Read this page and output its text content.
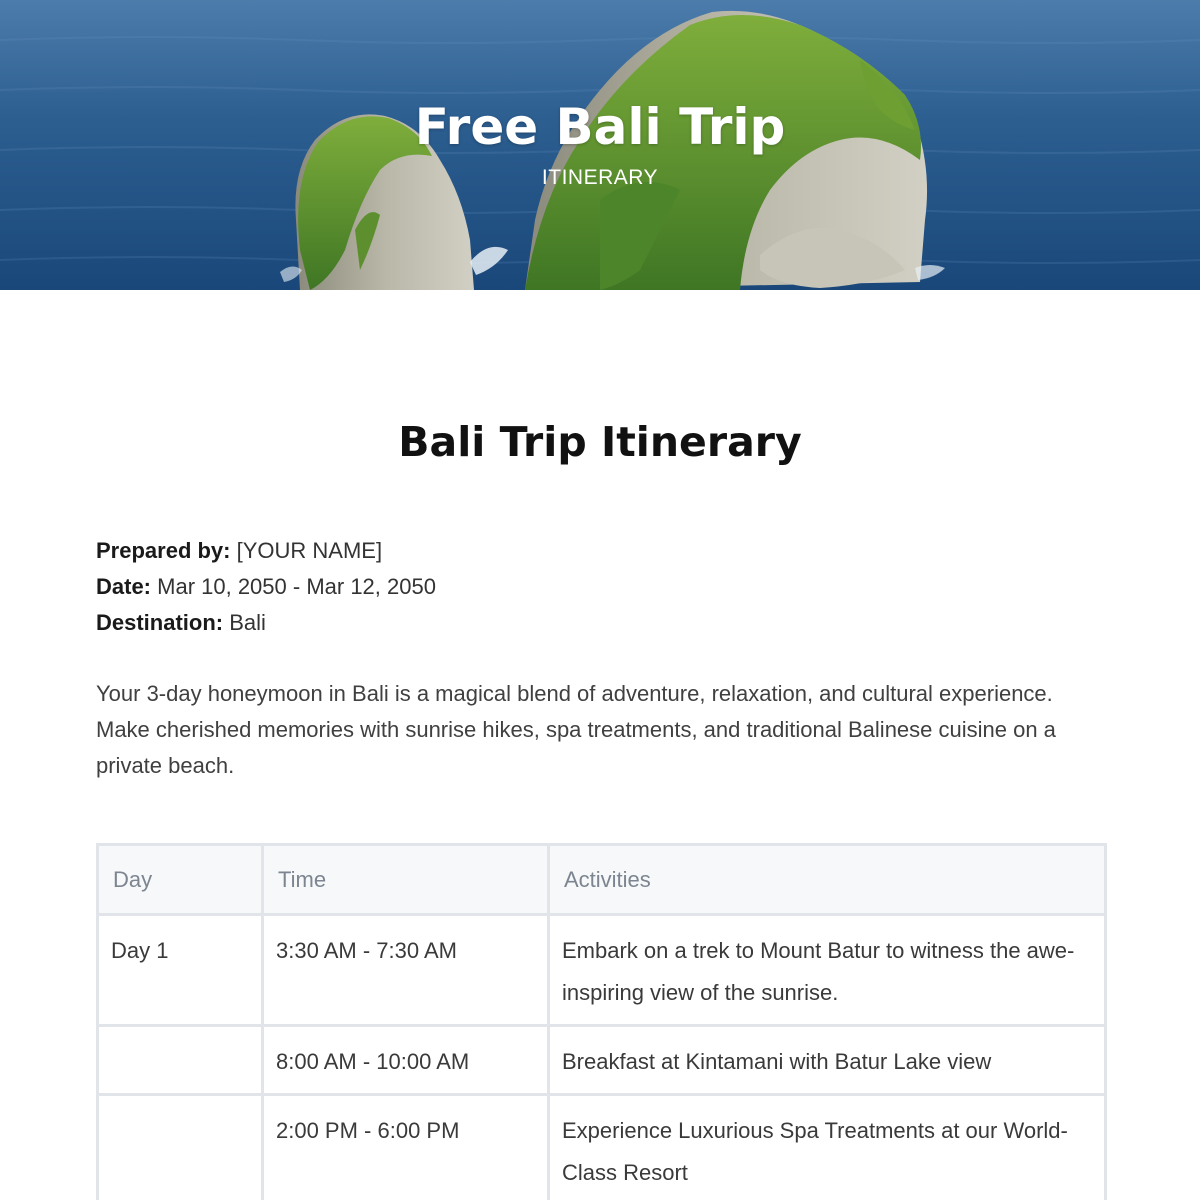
Free Bali Trip
ITINERARY
Bali Trip Itinerary
Prepared by: [YOUR NAME]
Date: Mar 10, 2050 - Mar 12, 2050
Destination: Bali
Your 3-day honeymoon in Bali is a magical blend of adventure, relaxation, and cultural experience. Make cherished memories with sunrise hikes, spa treatments, and traditional Balinese cuisine on a private beach.
Day	Time	Activities
Day 1	3:30 AM - 7:30 AM	Embark on a trek to Mount Batur to witness the awe-inspiring view of the sunrise.
	8:00 AM - 10:00 AM	Breakfast at Kintamani with Batur Lake view
	2:00 PM - 6:00 PM	Experience Luxurious Spa Treatments at our World-Class Resort
